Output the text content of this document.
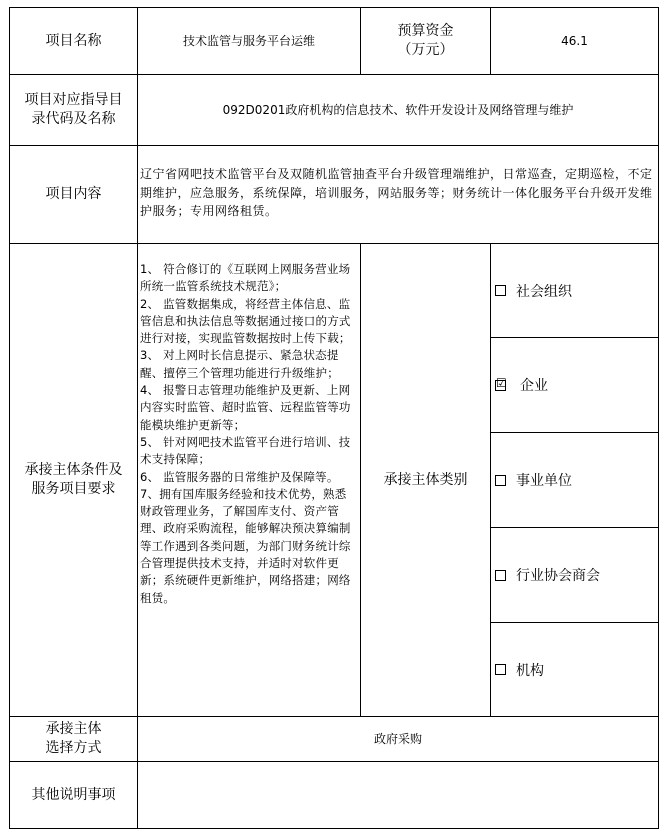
项目名称	技术监管与服务平台运维
预算资金
（万元）
46.1
项目对应指导目
录代码及名称
092D0201政府机构的信息技术、软件开发设计及网络管理与维护
项目内容
辽宁省网吧技术监管平台及双随机监管抽查平台升级管理端维护，日常巡查，定期巡检，不定期维护，应急服务，系统保障，培训服务，网站服务等；财务统计一体化服务平台升级开发维护服务；专用网络租赁。
承接主体条件及
服务项目要求
1、 符合修订的《互联网上网服务营业场所统一监管系统技术规范》；
2、 监管数据集成，将经营主体信息、监管信息和执法信息等数据通过接口的方式进行对接，实现监管数据按时上传下载；
3、 对上网时长信息提示、紧急状态提醒、擅停三个管理功能进行升级维护；
4、 报警日志管理功能维护及更新、上网内容实时监管、超时监管、远程监管等功能模块维护更新等；
5、 针对网吧技术监管平台进行培训、技术支持保障；
6、 监管服务器的日常维护及保障等。
7、拥有国库服务经验和技术优势，熟悉财政管理业务，了解国库支付、资产管理、政府采购流程，能够解决预决算编制等工作遇到各类问题，为部门财务统计综合管理提供技术支持，并适时对软件更新；系统硬件更新维护，网络搭建；网络租赁。
承接主体类别
社会组织
☑ 企业
事业单位
行业协会商会
机构
承接主体
选择方式
政府采购
其他说明事项
